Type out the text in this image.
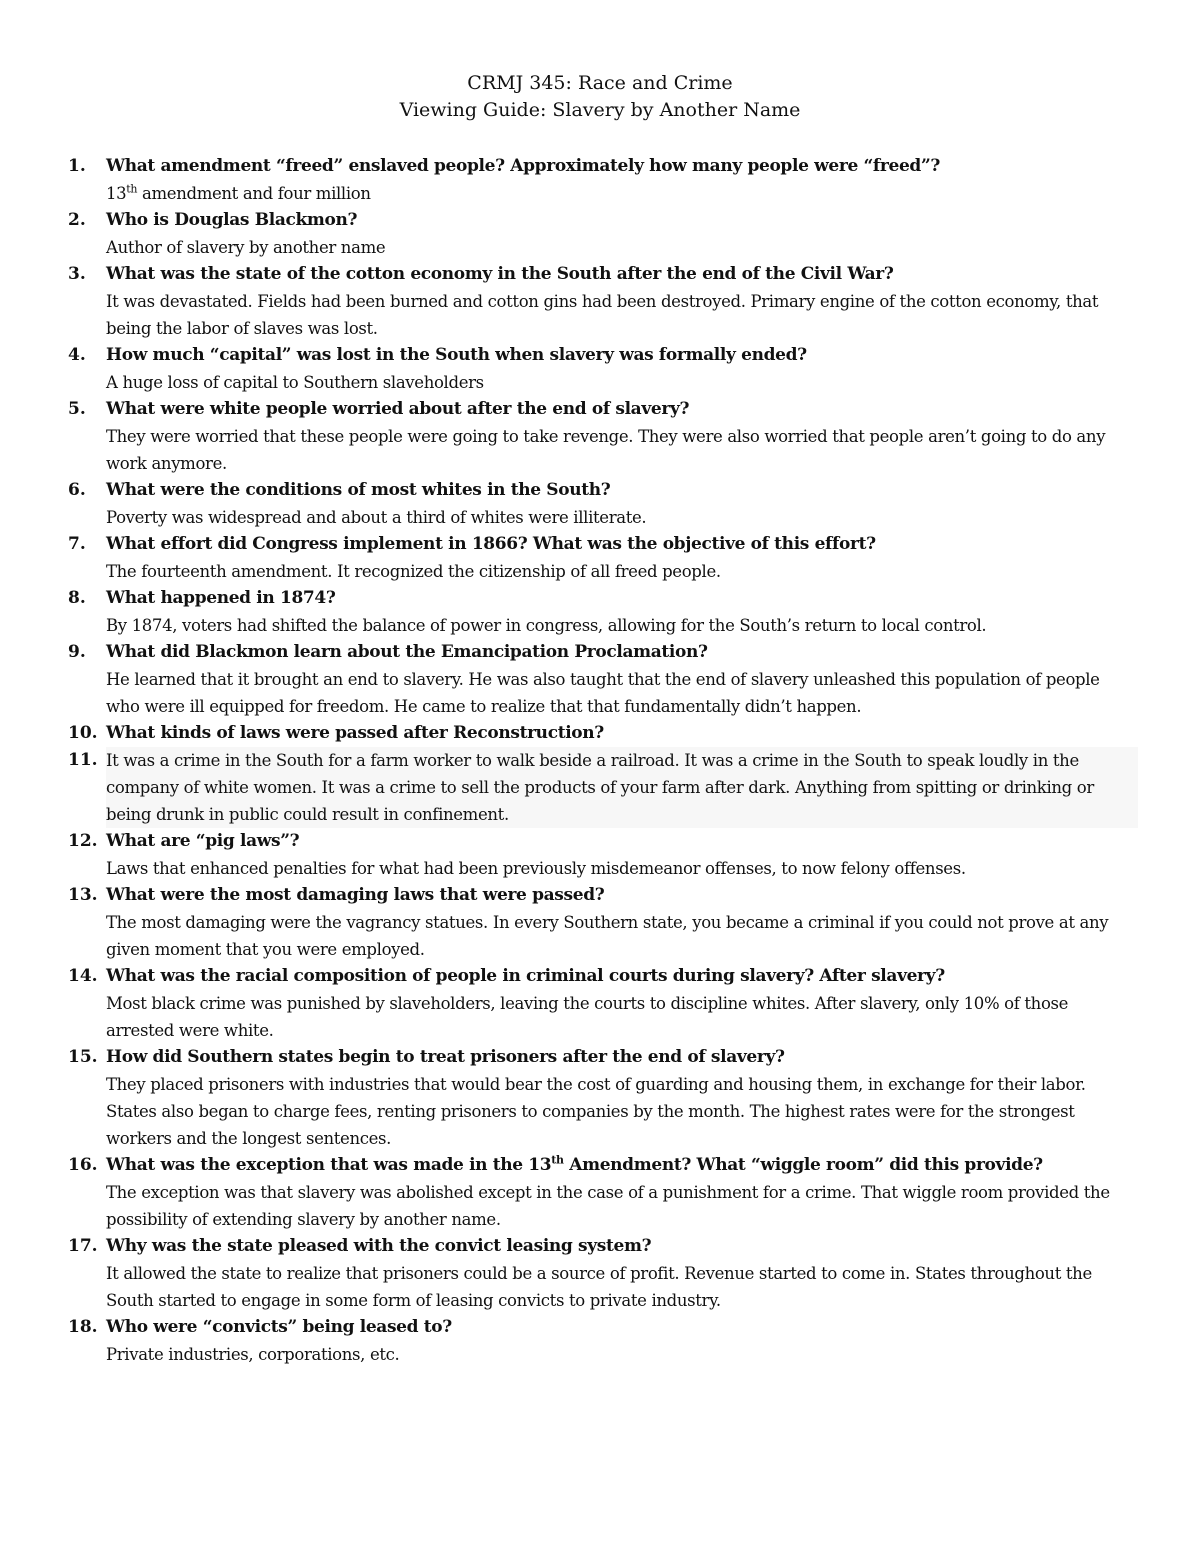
CRMJ 345: Race and Crime
Viewing Guide: Slavery by Another Name
1.	What amendment “freed” enslaved people? Approximately how many people were “freed”?
13th amendment and four million
2.	Who is Douglas Blackmon?
Author of slavery by another name
3.	What was the state of the cotton economy in the South after the end of the Civil War?
It was devastated. Fields had been burned and cotton gins had been destroyed. Primary engine of the cotton economy, that being the labor of slaves was lost.
4.	How much “capital” was lost in the South when slavery was formally ended?
A huge loss of capital to Southern slaveholders
5.	What were white people worried about after the end of slavery?
They were worried that these people were going to take revenge. They were also worried that people aren’t going to do any work anymore.
6.	What were the conditions of most whites in the South?
Poverty was widespread and about a third of whites were illiterate.
7.	What effort did Congress implement in 1866? What was the objective of this effort?
The fourteenth amendment. It recognized the citizenship of all freed people.
8.	What happened in 1874?
By 1874, voters had shifted the balance of power in congress, allowing for the South’s return to local control.
9.	What did Blackmon learn about the Emancipation Proclamation?
He learned that it brought an end to slavery. He was also taught that the end of slavery unleashed this population of people who were ill equipped for freedom. He came to realize that that fundamentally didn’t happen.
10. What kinds of laws were passed after Reconstruction?
11. It was a crime in the South for a farm worker to walk beside a railroad. It was a crime in the South to speak loudly in the company of white women. It was a crime to sell the products of your farm after dark. Anything from spitting or drinking or being drunk in public could result in confinement.
12. What are “pig laws”?
Laws that enhanced penalties for what had been previously misdemeanor offenses, to now felony offenses.
13. What were the most damaging laws that were passed?
The most damaging were the vagrancy statues. In every Southern state, you became a criminal if you could not prove at any given moment that you were employed.
14. What was the racial composition of people in criminal courts during slavery? After slavery?
Most black crime was punished by slaveholders, leaving the courts to discipline whites. After slavery, only 10% of those arrested were white.
15. How did Southern states begin to treat prisoners after the end of slavery?
They placed prisoners with industries that would bear the cost of guarding and housing them, in exchange for their labor. States also began to charge fees, renting prisoners to companies by the month. The highest rates were for the strongest workers and the longest sentences.
16. What was the exception that was made in the 13th Amendment? What “wiggle room” did this provide?
The exception was that slavery was abolished except in the case of a punishment for a crime. That wiggle room provided the possibility of extending slavery by another name.
17. Why was the state pleased with the convict leasing system?
It allowed the state to realize that prisoners could be a source of profit. Revenue started to come in. States throughout the South started to engage in some form of leasing convicts to private industry.
18. Who were “convicts” being leased to?
Private industries, corporations, etc.
